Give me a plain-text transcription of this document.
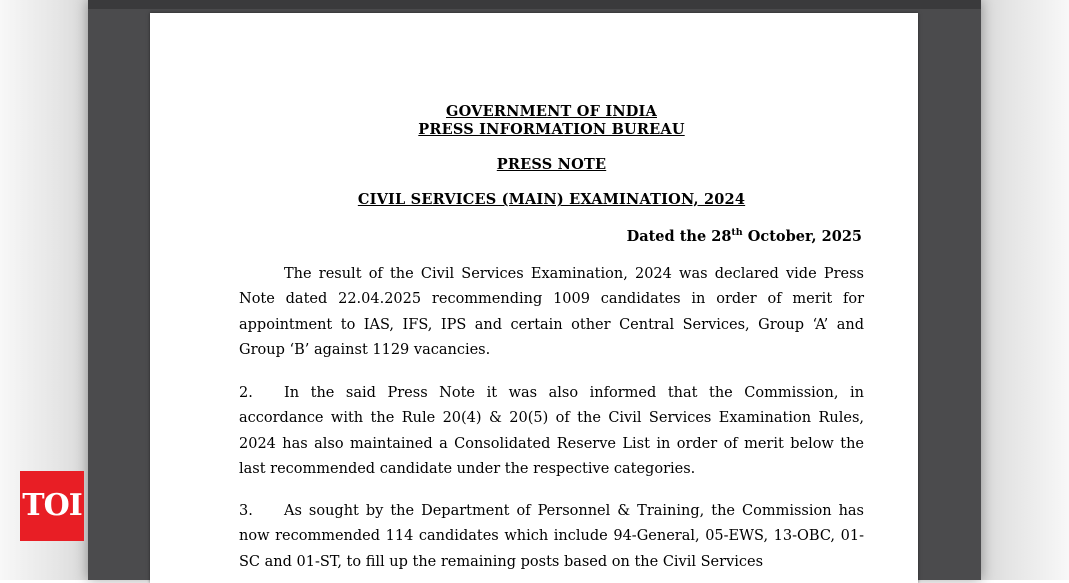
GOVERNMENT OF INDIA
PRESS INFORMATION BUREAU
PRESS NOTE
CIVIL SERVICES (MAIN) EXAMINATION, 2024
Dated the 28th October, 2025
The result of the Civil Services Examination, 2024 was declared vide Press Note dated 22.04.2025 recommending 1009 candidates in order of merit for appointment to IAS, IFS, IPS and certain other Central Services, Group ‘A’ and Group ‘B’ against 1129 vacancies.
2. In the said Press Note it was also informed that the Commission, in accordance with the Rule 20(4) & 20(5) of the Civil Services Examination Rules, 2024 has also maintained a Consolidated Reserve List in order of merit below the last recommended candidate under the respective categories.
3. As sought by the Department of Personnel & Training, the Commission has now recommended 114 candidates which include 94-General, 05-EWS, 13-OBC, 01-SC and 01-ST, to fill up the remaining posts based on the Civil Services
TOI
